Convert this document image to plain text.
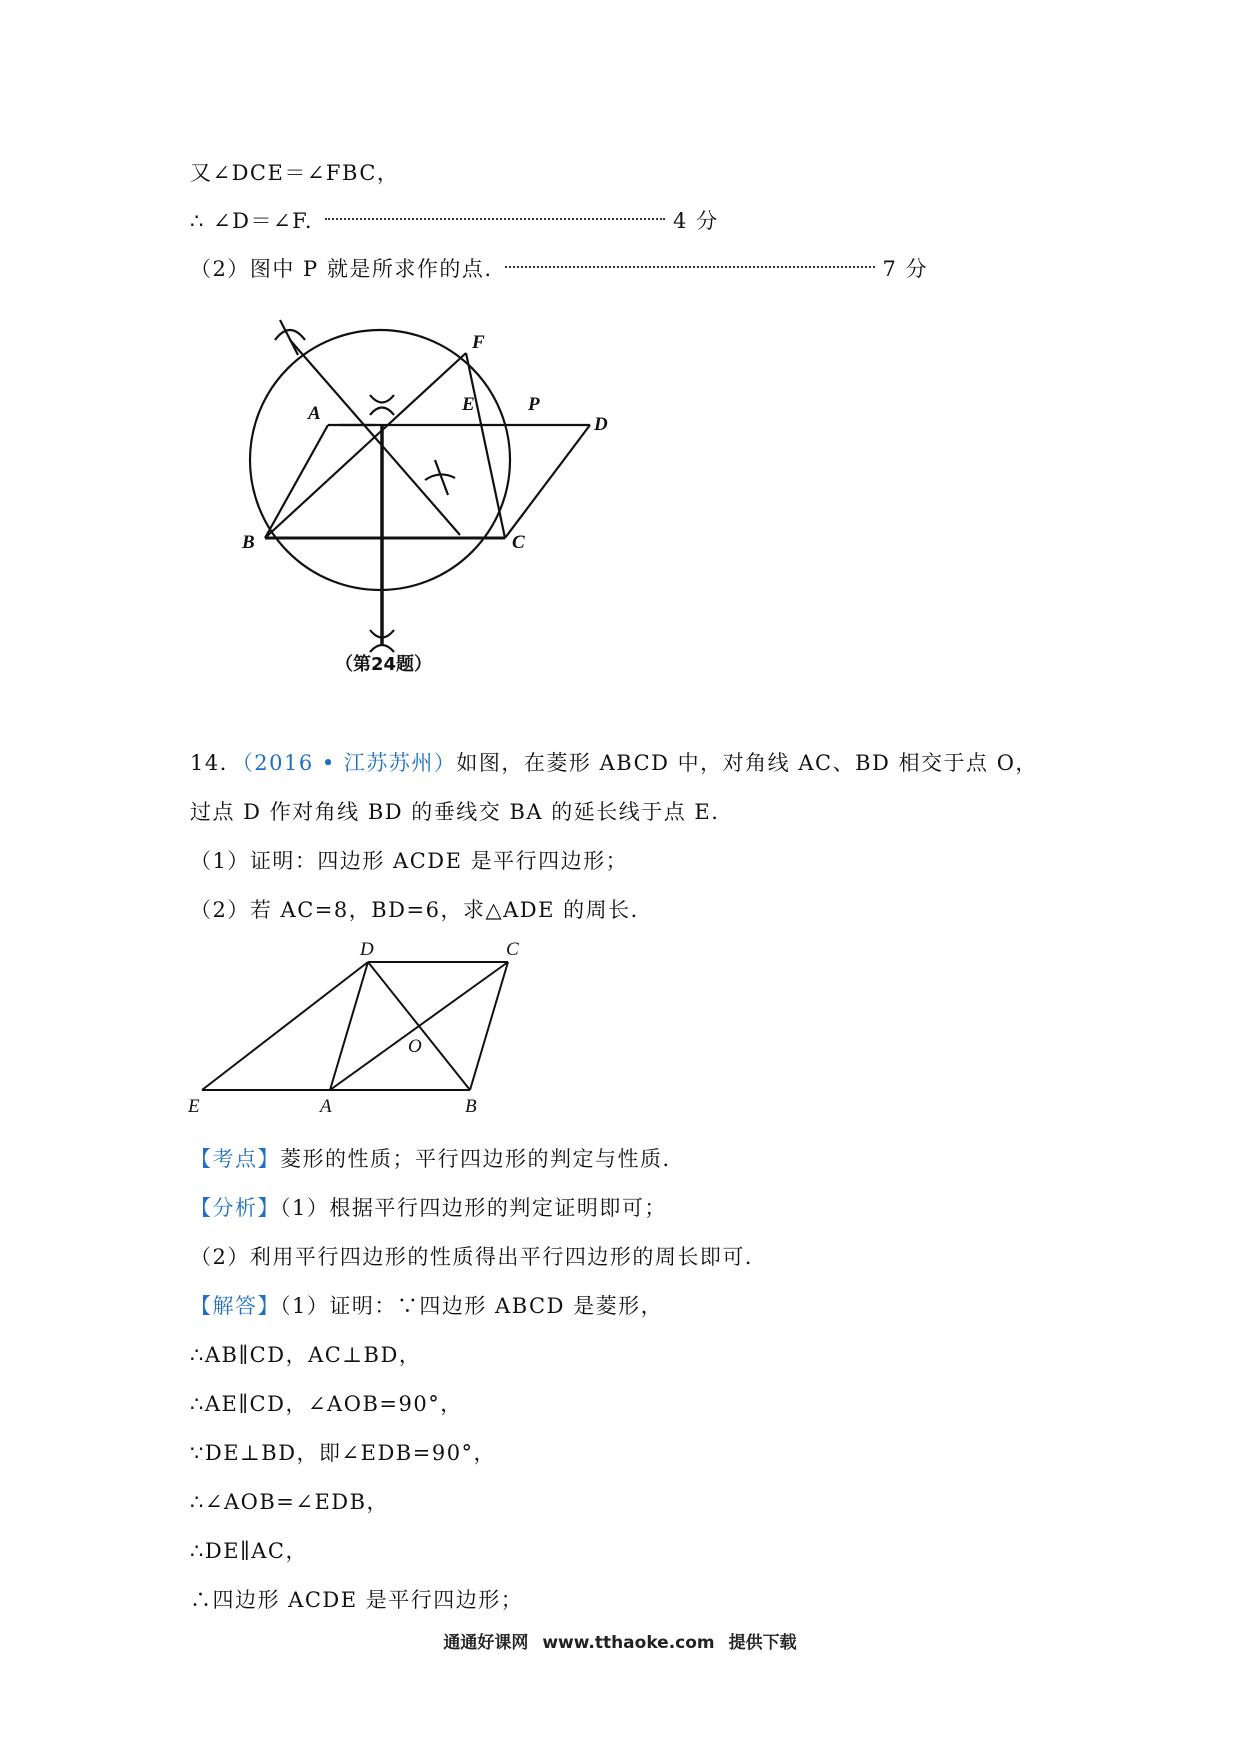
又∠DCE＝∠FBC，
∴ ∠D＝∠F.	4 分
（2）图中 P 就是所求作的点.	7 分
A
B	C
D
E
F
P
（第24题）
14．（2016 • 江苏苏州）如图，在菱形 ABCD 中，对角线 AC、BD 相交于点 O，
过点 D 作对角线 BD 的垂线交 BA 的延长线于点 E.
（1）证明：四边形 ACDE 是平行四边形；
（2）若 AC=8，BD=6，求△ADE 的周长．
D	C
O
E	A	B
【考点】菱形的性质；平行四边形的判定与性质．
【分析】（1）根据平行四边形的判定证明即可；
（2）利用平行四边形的性质得出平行四边形的周长即可．
【解答】（1）证明：∵四边形 ABCD 是菱形，
∴AB∥CD，AC⊥BD，
∴AE∥CD，∠AOB=90°，
∵DE⊥BD，即∠EDB=90°，
∴∠AOB=∠EDB，
∴DE∥AC，
∴四边形 ACDE 是平行四边形；
通通好课网 www.tthaoke.com 提供下载
